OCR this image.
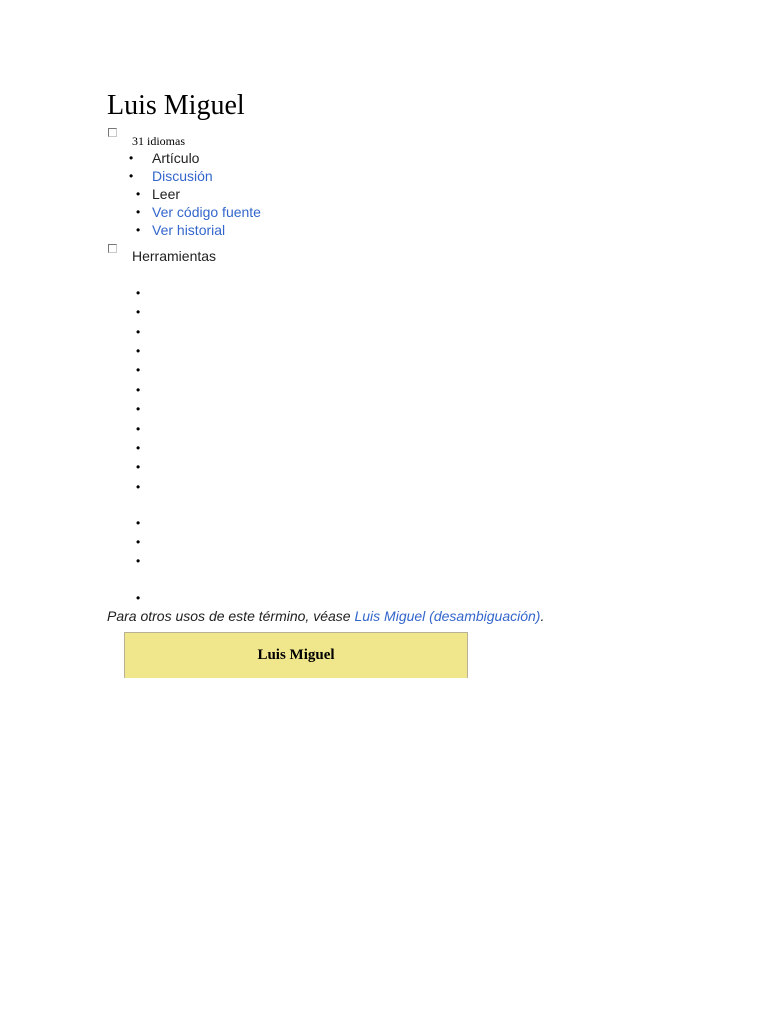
Luis Miguel
31 idiomas
• Artículo
• Discusión
• Leer
• Ver código fuente
• Ver historial
Herramientas
•
•
•
•
•
•
•
•
•
•
•
•
•
•
•
Para otros usos de este término, véase Luis Miguel (desambiguación).
Luis Miguel
